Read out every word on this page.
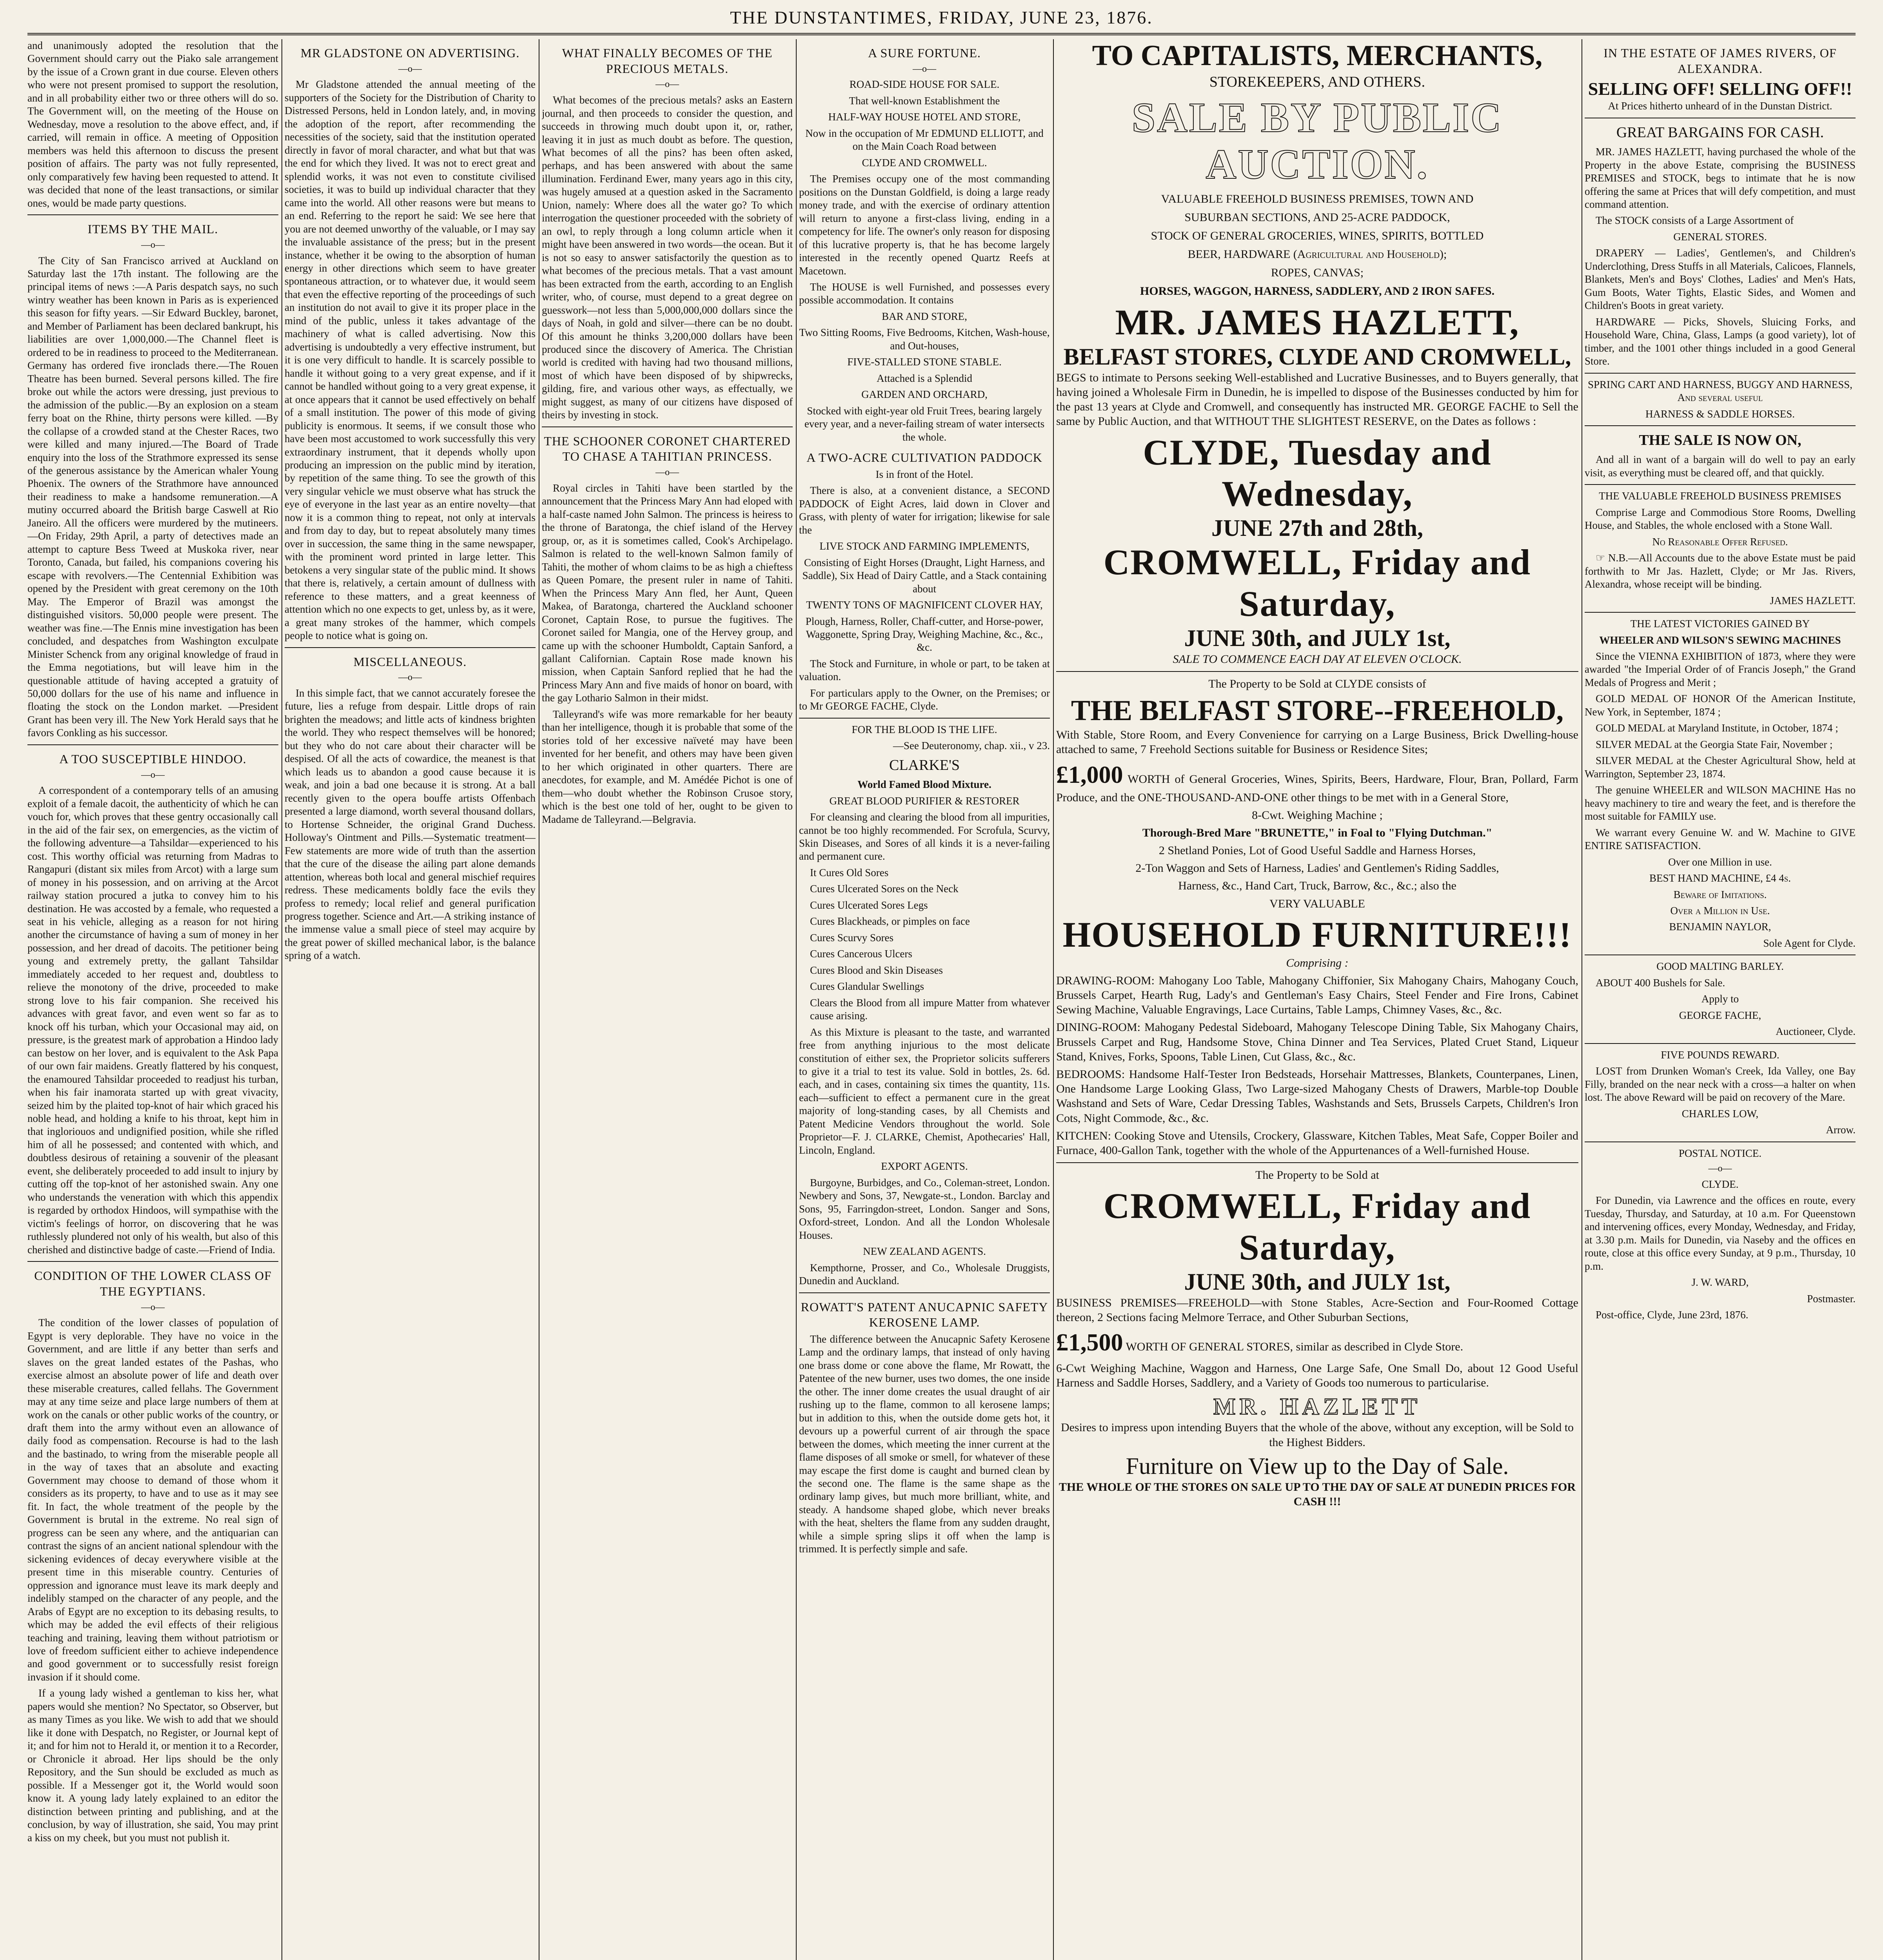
THE DUNSTANTIMES, FRIDAY, JUNE 23, 1876.

and unanimously adopted the resolution that the Government should carry out the Piako sale arrangement by the issue of a Crown grant in due course. Eleven others who were not present promised to support the resolution, and in all probability either two or three others will do so. The Government will, on the meeting of the House on Wednesday, move a resolution to the above effect, and, if carried, will remain in office. A meeting of Opposition members was held this afternoon to discuss the present position of affairs. The party was not fully represented, only comparatively few having been requested to attend. It was decided that none of the least transactions, or similar ones, would be made party questions.

ITEMS BY THE MAIL.
—o—

The City of San Francisco arrived at Auckland on Saturday last the 17th instant. The following are the principal items of news :—A Paris despatch says, no such wintry weather has been known in Paris as is experienced this season for fifty years. —Sir Edward Buckley, baronet, and Member of Parliament has been declared bankrupt, his liabilities are over 1,000,000.—The Channel fleet is ordered to be in readiness to proceed to the Mediterranean. Germany has ordered five ironclads there.—The Rouen Theatre has been burned. Several persons killed. The fire broke out while the actors were dressing, just previous to the admission of the public.—By an explosion on a steam ferry boat on the Rhine, thirty persons were killed. —By the collapse of a crowded stand at the Chester Races, two were killed and many injured.—The Board of Trade enquiry into the loss of the Strathmore expressed its sense of the generous assistance by the American whaler Young Phoenix. The owners of the Strathmore have announced their readiness to make a handsome remuneration.—A mutiny occurred aboard the British barge Caswell at Rio Janeiro. All the officers were murdered by the mutineers.—On Friday, 29th April, a party of detectives made an attempt to capture Bess Tweed at Muskoka river, near Toronto, Canada, but failed, his companions covering his escape with revolvers.—The Centennial Exhibition was opened by the President with great ceremony on the 10th May. The Emperor of Brazil was amongst the distinguished visitors. 50,000 people were present. The weather was fine.—The Ennis mine investigation has been concluded, and despatches from Washington exculpate Minister Schenck from any original knowledge of fraud in the Emma negotiations, but will leave him in the questionable attitude of having accepted a gratuity of 50,000 dollars for the use of his name and influence in floating the stock on the London market. —President Grant has been very ill. The New York Herald says that he favors Conkling as his successor.

A TOO SUSCEPTIBLE HINDOO.
—o—

A correspondent of a contemporary tells of an amusing exploit of a female dacoit, the authenticity of which he can vouch for, which proves that these gentry occasionally call in the aid of the fair sex, on emergencies, as the victim of the following adventure—a Tahsildar—experienced to his cost. This worthy official was returning from Madras to Rangapuri (distant six miles from Arcot) with a large sum of money in his possession, and on arriving at the Arcot railway station procured a jutka to convey him to his destination. He was accosted by a female, who requested a seat in his vehicle, alleging as a reason for not hiring another the circumstance of having a sum of money in her possession, and her dread of dacoits. The petitioner being young and extremely pretty, the gallant Tahsildar immediately acceded to her request and, doubtless to relieve the monotony of the drive, proceeded to make strong love to his fair companion. She received his advances with great favor, and even went so far as to knock off his turban, which your Occasional may aid, on pressure, is the greatest mark of approbation a Hindoo lady can bestow on her lover, and is equivalent to the Ask Papa of our own fair maidens. Greatly flattered by his conquest, the enamoured Tahsildar proceeded to readjust his turban, when his fair inamorata started up with great vivacity, seized him by the plaited top-knot of hair which graced his noble head, and holding a knife to his throat, kept him in that ingloriouos and undignified position, while she rifled him of all he possessed; and contented with which, and doubtless desirous of retaining a souvenir of the pleasant event, she deliberately proceeded to add insult to injury by cutting off the top-knot of her astonished swain. Any one who understands the veneration with which this appendix is regarded by orthodox Hindoos, will sympathise with the victim's feelings of horror, on discovering that he was ruthlessly plundered not only of his wealth, but also of this cherished and distinctive badge of caste.—Friend of India.

CONDITION OF THE LOWER CLASS OF THE EGYPTIANS.
—o—

The condition of the lower classes of population of Egypt is very deplorable. They have no voice in the Government, and are little if any better than serfs and slaves on the great landed estates of the Pashas, who exercise almost an absolute power of life and death over these miserable creatures, called fellahs. The Government may at any time seize and place large numbers of them at work on the canals or other public works of the country, or draft them into the army without even an allowance of daily food as compensation. Recourse is had to the lash and the bastinado, to wring from the miserable people all in the way of taxes that an absolute and exacting Government may choose to demand of those whom it considers as its property, to have and to use as it may see fit. In fact, the whole treatment of the people by the Government is brutal in the extreme. No real sign of progress can be seen any where, and the antiquarian can contrast the signs of an ancient national splendour with the sickening evidences of decay everywhere visible at the present time in this miserable country. Centuries of oppression and ignorance must leave its mark deeply and indelibly stamped on the character of any people, and the Arabs of Egypt are no exception to its debasing results, to which may be added the evil effects of their religious teaching and training, leaving them without patriotism or love of freedom sufficient either to achieve independence and good government or to successfully resist foreign invasion if it should come.

If a young lady wished a gentleman to kiss her, what papers would she mention? No Spectator, so Observer, but as many Times as you like. We wish to add that we should like it done with Despatch, no Register, or Journal kept of it; and for him not to Herald it, or mention it to a Recorder, or Chronicle it abroad. Her lips should be the only Repository, and the Sun should be excluded as much as possible. If a Messenger got it, the World would soon know it. A young lady lately explained to an editor the distinction between printing and publishing, and at the conclusion, by way of illustration, she said, You may print a kiss on my cheek, but you must not publish it.

MR GLADSTONE ON ADVERTISING.
—o—

Mr Gladstone attended the annual meeting of the supporters of the Society for the Distribution of Charity to Distressed Persons, held in London lately, and, in moving the adoption of the report, after recommending the necessities of the society, said that the institution operated directly in favor of moral character, and what but that was the end for which they lived. It was not to erect great and splendid works, it was not even to constitute civilised societies, it was to build up individual character that they came into the world. All other reasons were but means to an end. Referring to the report he said: We see here that you are not deemed unworthy of the valuable, or I may say the invaluable assistance of the press; but in the present instance, whether it be owing to the absorption of human energy in other directions which seem to have greater spontaneous attraction, or to whatever due, it would seem that even the effective reporting of the proceedings of such an institution do not avail to give it its proper place in the mind of the public, unless it takes advantage of the machinery of what is called advertising. Now this advertising is undoubtedly a very effective instrument, but it is one very difficult to handle. It is scarcely possible to handle it without going to a very great expense, and if it cannot be handled without going to a very great expense, it at once appears that it cannot be used effectively on behalf of a small institution. The power of this mode of giving publicity is enormous. It seems, if we consult those who have been most accustomed to work successfully this very extraordinary instrument, that it depends wholly upon producing an impression on the public mind by iteration, by repetition of the same thing. To see the growth of this very singular vehicle we must observe what has struck the eye of everyone in the last year as an entire novelty—that now it is a common thing to repeat, not only at intervals and from day to day, but to repeat absolutely many times over in succession, the same thing in the same newspaper, with the prominent word printed in large letter. This betokens a very singular state of the public mind. It shows that there is, relatively, a certain amount of dullness with reference to these matters, and a great keenness of attention which no one expects to get, unless by, as it were, a great many strokes of the hammer, which compels people to notice what is going on.

MISCELLANEOUS.
—o—

In this simple fact, that we cannot accurately foresee the future, lies a refuge from despair. Little drops of rain brighten the meadows; and little acts of kindness brighten the world. They who respect themselves will be honored; but they who do not care about their character will be despised. Of all the acts of cowardice, the meanest is that which leads us to abandon a good cause because it is weak, and join a bad one because it is strong. At a ball recently given to the opera bouffe artists Offenbach presented a large diamond, worth several thousand dollars, to Hortense Schneider, the original Grand Duchess. Holloway's Ointment and Pills.—Systematic treatment—Few statements are more wide of truth than the assertion that the cure of the disease the ailing part alone demands attention, whereas both local and general mischief requires redress. These medicaments boldly face the evils they profess to remedy; local relief and general purification progress together. Science and Art.—A striking instance of the immense value a small piece of steel may acquire by the great power of skilled mechanical labor, is the balance spring of a watch.

WHAT FINALLY BECOMES OF THE PRECIOUS METALS.
—o—

What becomes of the precious metals? asks an Eastern journal, and then proceeds to consider the question, and succeeds in throwing much doubt upon it, or, rather, leaving it in just as much doubt as before. The question, What becomes of all the pins? has been often asked, perhaps, and has been answered with about the same illumination. Ferdinand Ewer, many years ago in this city, was hugely amused at a question asked in the Sacramento Union, namely: Where does all the water go? To which interrogation the questioner proceeded with the sobriety of an owl, to reply through a long column article when it might have been answered in two words—the ocean. But it is not so easy to answer satisfactorily the question as to what becomes of the precious metals. That a vast amount has been extracted from the earth, according to an English writer, who, of course, must depend to a great degree on guesswork—not less than 5,000,000,000 dollars since the days of Noah, in gold and silver—there can be no doubt. Of this amount he thinks 3,200,000 dollars have been produced since the discovery of America. The Christian world is credited with having had two thousand millions, most of which have been disposed of by shipwrecks, gilding, fire, and various other ways, as effectually, we might suggest, as many of our citizens have disposed of theirs by investing in stock.

THE SCHOONER CORONET CHARTERED TO CHASE A TAHITIAN PRINCESS.
—o—

Royal circles in Tahiti have been startled by the announcement that the Princess Mary Ann had eloped with a half-caste named John Salmon. The princess is heiress to the throne of Baratonga, the chief island of the Hervey group, or, as it is sometimes called, Cook's Archipelago. Salmon is related to the well-known Salmon family of Tahiti, the mother of whom claims to be as high a chieftess as Queen Pomare, the present ruler in name of Tahiti. When the Princess Mary Ann fled, her Aunt, Queen Makea, of Baratonga, chartered the Auckland schooner Coronet, Captain Rose, to pursue the fugitives. The Coronet sailed for Mangia, one of the Hervey group, and came up with the schooner Humboldt, Captain Sanford, a gallant Californian. Captain Rose made known his mission, when Captain Sanford replied that he had the Princess Mary Ann and five maids of honor on board, with the gay Lothario Salmon in their midst.

Talleyrand's wife was more remarkable for her beauty than her intelligence, though it is probable that some of the stories told of her excessive naïveté may have been invented for her benefit, and others may have been given to her which originated in other quarters. There are anecdotes, for example, and M. Amédée Pichot is one of them—who doubt whether the Robinson Crusoe story, which is the best one told of her, ought to be given to Madame de Talleyrand.—Belgravia.

A SURE FORTUNE.
—o—

ROAD-SIDE HOUSE FOR SALE.

That well-known Establishment the

HALF-WAY HOUSE HOTEL AND STORE,

Now in the occupation of Mr EDMUND ELLIOTT, and on the Main Coach Road between

CLYDE AND CROMWELL.

The Premises occupy one of the most commanding positions on the Dunstan Goldfield, is doing a large ready money trade, and with the exercise of ordinary attention will return to anyone a first-class living, ending in a competency for life. The owner's only reason for disposing of this lucrative property is, that he has become largely interested in the recently opened Quartz Reefs at Macetown.

The HOUSE is well Furnished, and possesses every possible accommodation. It contains

BAR AND STORE,

Two Sitting Rooms, Five Bedrooms, Kitchen, Wash-house, and Out-houses,

FIVE-STALLED STONE STABLE.

Attached is a Splendid

GARDEN AND ORCHARD,

Stocked with eight-year old Fruit Trees, bearing largely every year, and a never-failing stream of water intersects the whole.

A TWO-ACRE CULTIVATION PADDOCK

Is in front of the Hotel.

There is also, at a convenient distance, a SECOND PADDOCK of Eight Acres, laid down in Clover and Grass, with plenty of water for irrigation; likewise for sale the

LIVE STOCK AND FARMING IMPLEMENTS,

Consisting of Eight Horses (Draught, Light Harness, and Saddle), Six Head of Dairy Cattle, and a Stack containing about

TWENTY TONS OF MAGNIFICENT CLOVER HAY,

Plough, Harness, Roller, Chaff-cutter, and Horse-power, Waggonette, Spring Dray, Weighing Machine, &c., &c., &c.

The Stock and Furniture, in whole or part, to be taken at valuation.

For particulars apply to the Owner, on the Premises; or to Mr GEORGE FACHE, Clyde.

FOR THE BLOOD IS THE LIFE.

—See Deuteronomy, chap. xii., v 23.

CLARKE'S

World Famed Blood Mixture.

GREAT BLOOD PURIFIER & RESTORER

For cleansing and clearing the blood from all impurities, cannot be too highly recommended. For Scrofula, Scurvy, Skin Diseases, and Sores of all kinds it is a never-failing and permanent cure.

It Cures Old Sores

Cures Ulcerated Sores on the Neck

Cures Ulcerated Sores Legs

Cures Blackheads, or pimples on face

Cures Scurvy Sores

Cures Cancerous Ulcers

Cures Blood and Skin Diseases

Cures Glandular Swellings

Clears the Blood from all impure Matter from whatever cause arising.

As this Mixture is pleasant to the taste, and warranted free from anything injurious to the most delicate constitution of either sex, the Proprietor solicits sufferers to give it a trial to test its value. Sold in bottles, 2s. 6d. each, and in cases, containing six times the quantity, 11s. each—sufficient to effect a permanent cure in the great majority of long-standing cases, by all Chemists and Patent Medicine Vendors throughout the world. Sole Proprietor—F. J. CLARKE, Chemist, Apothecaries' Hall, Lincoln, England.

EXPORT AGENTS.

Burgoyne, Burbidges, and Co., Coleman-street, London. Newbery and Sons, 37, Newgate-st., London. Barclay and Sons, 95, Farringdon-street, London. Sanger and Sons, Oxford-street, London. And all the London Wholesale Houses.

NEW ZEALAND AGENTS.

Kempthorne, Prosser, and Co., Wholesale Druggists, Dunedin and Auckland.

ROWATT'S PATENT ANUCAPNIC SAFETY KEROSENE LAMP.

The difference between the Anucapnic Safety Kerosene Lamp and the ordinary lamps, that instead of only having one brass dome or cone above the flame, Mr Rowatt, the Patentee of the new burner, uses two domes, the one inside the other. The inner dome creates the usual draught of air rushing up to the flame, common to all kerosene lamps; but in addition to this, when the outside dome gets hot, it devours up a powerful current of air through the space between the domes, which meeting the inner current at the flame disposes of all smoke or smell, for whatever of these may escape the first dome is caught and burned clean by the second one. The flame is the same shape as the ordinary lamp gives, but much more brilliant, white, and steady. A handsome shaped globe, which never breaks with the heat, shelters the flame from any sudden draught, while a simple spring slips it off when the lamp is trimmed. It is perfectly simple and safe.

TO CAPITALISTS, MERCHANTS,
STOREKEEPERS, AND OTHERS.
SALE BY PUBLIC AUCTION.

VALUABLE FREEHOLD BUSINESS PREMISES, TOWN AND

SUBURBAN SECTIONS, AND 25-ACRE PADDOCK,

STOCK OF GENERAL GROCERIES, WINES, SPIRITS, BOTTLED

BEER, HARDWARE (Agricultural and Household);

ROPES, CANVAS;

HORSES, WAGGON, HARNESS, SADDLERY, AND 2 IRON SAFES.

MR. JAMES HAZLETT,
BELFAST STORES, CLYDE AND CROMWELL,

BEGS to intimate to Persons seeking Well-established and Lucrative Businesses, and to Buyers generally, that having joined a Wholesale Firm in Dunedin, he is impelled to dispose of the Businesses conducted by him for the past 13 years at Clyde and Cromwell, and consequently has instructed MR. GEORGE FACHE to Sell the same by Public Auction, and that WITHOUT THE SLIGHTEST RESERVE, on the Dates as follows :

CLYDE, Tuesday and Wednesday,
JUNE 27th and 28th,
CROMWELL, Friday and Saturday,
JUNE 30th, and JULY 1st,

SALE TO COMMENCE EACH DAY AT ELEVEN O'CLOCK.

The Property to be Sold at CLYDE consists of

THE BELFAST STORE--FREEHOLD,

With Stable, Store Room, and Every Convenience for carrying on a Large Business, Brick Dwelling-house attached to same, 7 Freehold Sections suitable for Business or Residence Sites;

£1,000 WORTH of General Groceries, Wines, Spirits, Beers, Hardware, Flour, Bran, Pollard, Farm Produce, and the ONE-THOUSAND-AND-ONE other things to be met with in a General Store,

8-Cwt. Weighing Machine ;

Thorough-Bred Mare "BRUNETTE," in Foal to "Flying Dutchman."

2 Shetland Ponies, Lot of Good Useful Saddle and Harness Horses,

2-Ton Waggon and Sets of Harness, Ladies' and Gentlemen's Riding Saddles,

Harness, &c., Hand Cart, Truck, Barrow, &c., &c.; also the

VERY VALUABLE

HOUSEHOLD FURNITURE!!!

Comprising :

DRAWING-ROOM: Mahogany Loo Table, Mahogany Chiffonier, Six Mahogany Chairs, Mahogany Couch, Brussels Carpet, Hearth Rug, Lady's and Gentleman's Easy Chairs, Steel Fender and Fire Irons, Cabinet Sewing Machine, Valuable Engravings, Lace Curtains, Table Lamps, Chimney Vases, &c., &c.

DINING-ROOM: Mahogany Pedestal Sideboard, Mahogany Telescope Dining Table, Six Mahogany Chairs, Brussels Carpet and Rug, Handsome Stove, China Dinner and Tea Services, Plated Cruet Stand, Liqueur Stand, Knives, Forks, Spoons, Table Linen, Cut Glass, &c., &c.

BEDROOMS: Handsome Half-Tester Iron Bedsteads, Horsehair Mattresses, Blankets, Counterpanes, Linen, One Handsome Large Looking Glass, Two Large-sized Mahogany Chests of Drawers, Marble-top Double Washstand and Sets of Ware, Cedar Dressing Tables, Washstands and Sets, Brussels Carpets, Children's Iron Cots, Night Commode, &c., &c.

KITCHEN: Cooking Stove and Utensils, Crockery, Glassware, Kitchen Tables, Meat Safe, Copper Boiler and Furnace, 400-Gallon Tank, together with the whole of the Appurtenances of a Well-furnished House.

The Property to be Sold at

CROMWELL, Friday and Saturday,
JUNE 30th, and JULY 1st,

BUSINESS PREMISES—FREEHOLD—with Stone Stables, Acre-Section and Four-Roomed Cottage thereon, 2 Sections facing Melmore Terrace, and Other Suburban Sections,

£1,500 WORTH OF GENERAL STORES, similar as described in Clyde Store.

6-Cwt Weighing Machine, Waggon and Harness, One Large Safe, One Small Do, about 12 Good Useful Harness and Saddle Horses, Saddlery, and a Variety of Goods too numerous to particularise.

MR. HAZLETT

Desires to impress upon intending Buyers that the whole of the above, without any exception, will be Sold to the Highest Bidders.

Furniture on View up to the Day of Sale.

THE WHOLE OF THE STORES ON SALE UP TO THE DAY OF SALE AT DUNEDIN PRICES FOR CASH !!!

IN THE ESTATE OF JAMES RIVERS, OF ALEXANDRA.
SELLING OFF! SELLING OFF!!

At Prices hitherto unheard of in the Dunstan District.

GREAT BARGAINS FOR CASH.

MR. JAMES HAZLETT, having purchased the whole of the Property in the above Estate, comprising the BUSINESS PREMISES and STOCK, begs to intimate that he is now offering the same at Prices that will defy competition, and must command attention.

The STOCK consists of a Large Assortment of

GENERAL STORES.

DRAPERY — Ladies', Gentlemen's, and Children's Underclothing, Dress Stuffs in all Materials, Calicoes, Flannels, Blankets, Men's and Boys' Clothes, Ladies' and Men's Hats, Gum Boots, Water Tights, Elastic Sides, and Women and Children's Boots in great variety.

HARDWARE — Picks, Shovels, Sluicing Forks, and Household Ware, China, Glass, Lamps (a good variety), lot of timber, and the 1001 other things included in a good General Store.

SPRING CART AND HARNESS, BUGGY AND HARNESS, And several useful

HARNESS & SADDLE HORSES.

THE SALE IS NOW ON,

And all in want of a bargain will do well to pay an early visit, as everything must be cleared off, and that quickly.

THE VALUABLE FREEHOLD BUSINESS PREMISES

Comprise Large and Commodious Store Rooms, Dwelling House, and Stables, the whole enclosed with a Stone Wall.

No Reasonable Offer Refused.

☞ N.B.—All Accounts due to the above Estate must be paid forthwith to Mr Jas. Hazlett, Clyde; or Mr Jas. Rivers, Alexandra, whose receipt will be binding.

JAMES HAZLETT.

THE LATEST VICTORIES GAINED BY

WHEELER AND WILSON'S SEWING MACHINES

Since the VIENNA EXHIBITION of 1873, where they were awarded "the Imperial Order of of Francis Joseph," the Grand Medals of Progress and Merit ;

GOLD MEDAL OF HONOR Of the American Institute, New York, in September, 1874 ;

GOLD MEDAL at Maryland Institute, in October, 1874 ;

SILVER MEDAL at the Georgia State Fair, November ;

SILVER MEDAL at the Chester Agricultural Show, held at Warrington, September 23, 1874.

The genuine WHEELER and WILSON MACHINE Has no heavy machinery to tire and weary the feet, and is therefore the most suitable for FAMILY use.

We warrant every Genuine W. and W. Machine to GIVE ENTIRE SATISFACTION.

Over one Million in use.

BEST HAND MACHINE, £4 4s.

Beware of Imitations.

Over a Million in Use.

BENJAMIN NAYLOR,

Sole Agent for Clyde.

GOOD MALTING BARLEY.

ABOUT 400 Bushels for Sale.

Apply to

GEORGE FACHE,

Auctioneer, Clyde.

FIVE POUNDS REWARD.

LOST from Drunken Woman's Creek, Ida Valley, one Bay Filly, branded on the near neck with a cross—a halter on when lost. The above Reward will be paid on recovery of the Mare.

CHARLES LOW,

Arrow.

POSTAL NOTICE.

—o—

CLYDE.

For Dunedin, via Lawrence and the offices en route, every Tuesday, Thursday, and Saturday, at 10 a.m. For Queenstown and intervening offices, every Monday, Wednesday, and Friday, at 3.30 p.m. Mails for Dunedin, via Naseby and the offices en route, close at this office every Sunday, at 9 p.m., Thursday, 10 p.m.

J. W. WARD,

Postmaster.

Post-office, Clyde, June 23rd, 1876.
